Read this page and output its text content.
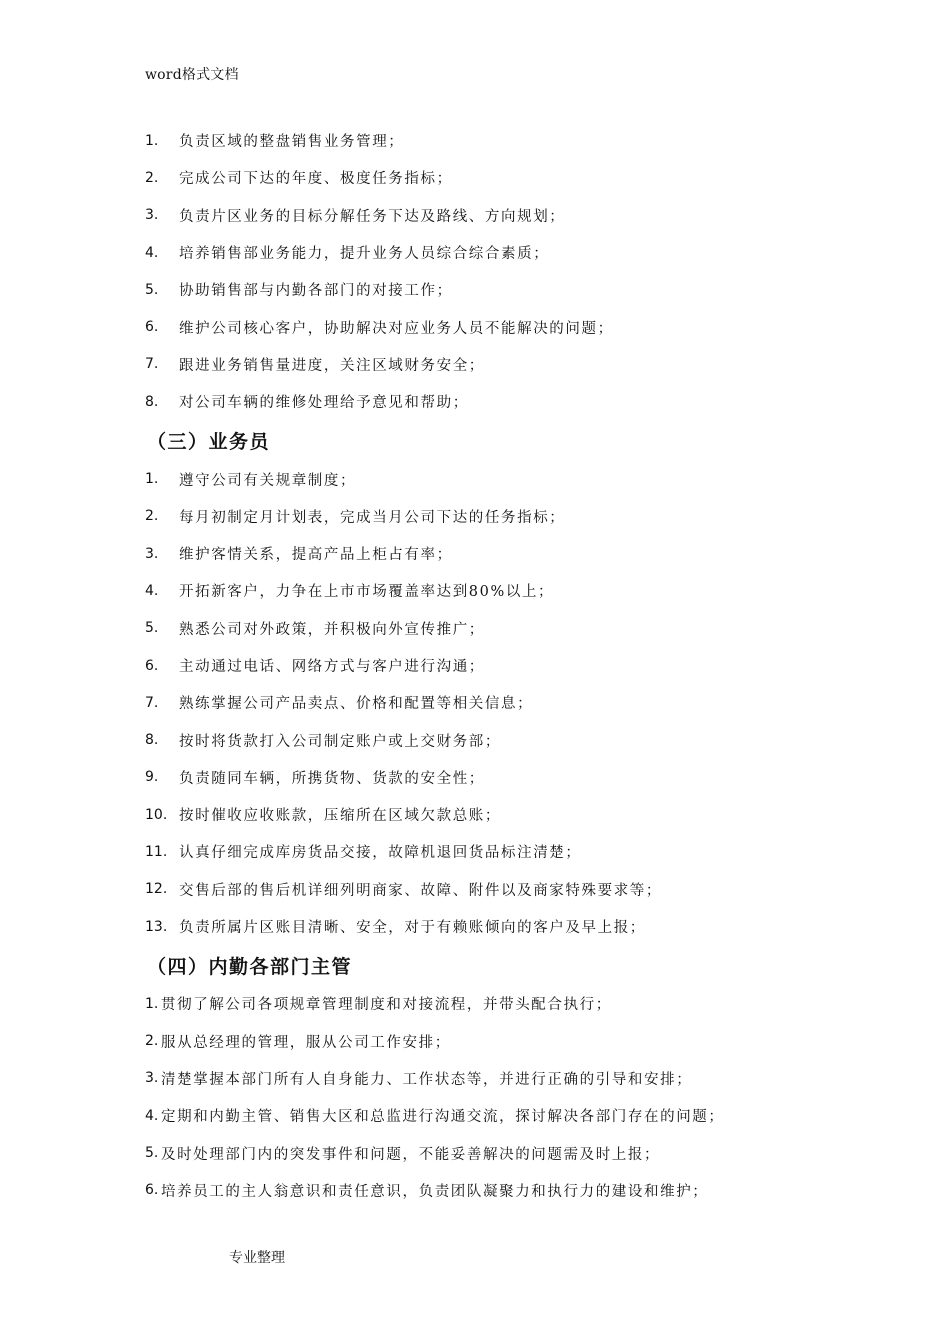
word格式文档
1.	负责区域的整盘销售业务管理；
2.	完成公司下达的年度、极度任务指标；
3.	负责片区业务的目标分解任务下达及路线、方向规划；
4.	培养销售部业务能力，提升业务人员综合综合素质；
5.	协助销售部与内勤各部门的对接工作；
6.	维护公司核心客户，协助解决对应业务人员不能解决的问题；
7.	跟进业务销售量进度，关注区域财务安全；
8.	对公司车辆的维修处理给予意见和帮助；
（三）业务员
1.	遵守公司有关规章制度；
2.	每月初制定月计划表，完成当月公司下达的任务指标；
3.	维护客情关系，提高产品上柜占有率；
4.	开拓新客户，力争在上市市场覆盖率达到80%以上；
5.	熟悉公司对外政策，并积极向外宣传推广；
6.	主动通过电话、网络方式与客户进行沟通；
7.	熟练掌握公司产品卖点、价格和配置等相关信息；
8.	按时将货款打入公司制定账户或上交财务部；
9.	负责随同车辆，所携货物、货款的安全性；
10. 按时催收应收账款，压缩所在区域欠款总账；
11. 认真仔细完成库房货品交接，故障机退回货品标注清楚；
12. 交售后部的售后机详细列明商家、故障、附件以及商家特殊要求等；
13. 负责所属片区账目清晰、安全，对于有赖账倾向的客户及早上报；
（四）内勤各部门主管
1. 贯彻了解公司各项规章管理制度和对接流程，并带头配合执行；
2. 服从总经理的管理，服从公司工作安排；
3. 清楚掌握本部门所有人自身能力、工作状态等，并进行正确的引导和安排；
4. 定期和内勤主管、销售大区和总监进行沟通交流，探讨解决各部门存在的问题；
5. 及时处理部门内的突发事件和问题，不能妥善解决的问题需及时上报；
6. 培养员工的主人翁意识和责任意识，负责团队凝聚力和执行力的建设和维护；
专业整理
